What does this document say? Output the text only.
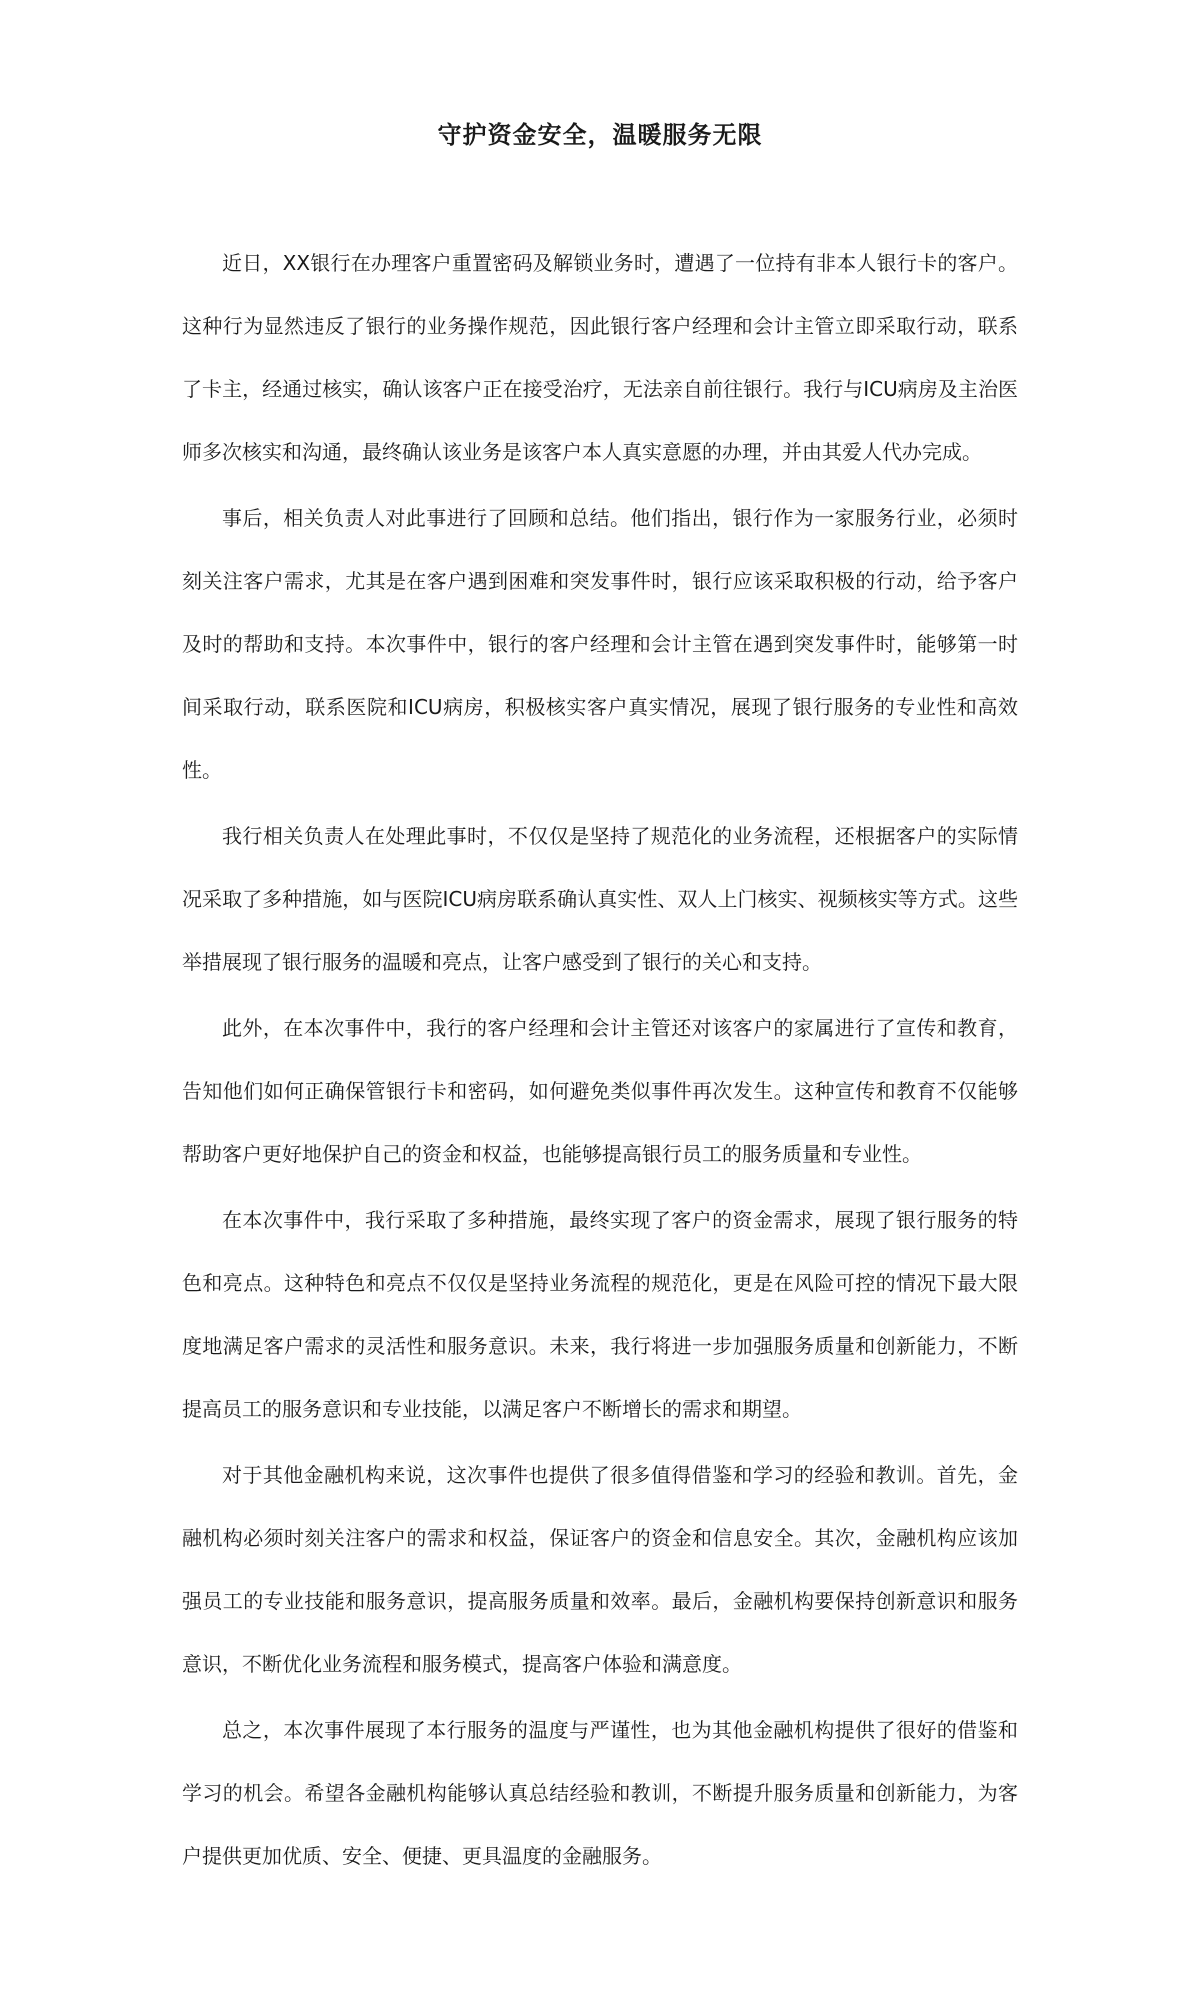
守护资金安全，温暖服务无限

近日，XX银行在办理客户重置密码及解锁业务时，遭遇了一位持有非本人银行卡的客户。这种行为显然违反了银行的业务操作规范，因此银行客户经理和会计主管立即采取行动，联系了卡主，经通过核实，确认该客户正在接受治疗，无法亲自前往银行。我行与ICU病房及主治医师多次核实和沟通，最终确认该业务是该客户本人真实意愿的办理，并由其爱人代办完成。

事后，相关负责人对此事进行了回顾和总结。他们指出，银行作为一家服务行业，必须时刻关注客户需求，尤其是在客户遇到困难和突发事件时，银行应该采取积极的行动，给予客户及时的帮助和支持。本次事件中，银行的客户经理和会计主管在遇到突发事件时，能够第一时间采取行动，联系医院和ICU病房，积极核实客户真实情况，展现了银行服务的专业性和高效性。

我行相关负责人在处理此事时，不仅仅是坚持了规范化的业务流程，还根据客户的实际情况采取了多种措施，如与医院ICU病房联系确认真实性、双人上门核实、视频核实等方式。这些举措展现了银行服务的温暖和亮点，让客户感受到了银行的关心和支持。

此外，在本次事件中，我行的客户经理和会计主管还对该客户的家属进行了宣传和教育，告知他们如何正确保管银行卡和密码，如何避免类似事件再次发生。这种宣传和教育不仅能够帮助客户更好地保护自己的资金和权益，也能够提高银行员工的服务质量和专业性。

在本次事件中，我行采取了多种措施，最终实现了客户的资金需求，展现了银行服务的特色和亮点。这种特色和亮点不仅仅是坚持业务流程的规范化，更是在风险可控的情况下最大限度地满足客户需求的灵活性和服务意识。未来，我行将进一步加强服务质量和创新能力，不断提高员工的服务意识和专业技能，以满足客户不断增长的需求和期望。

对于其他金融机构来说，这次事件也提供了很多值得借鉴和学习的经验和教训。首先，金融机构必须时刻关注客户的需求和权益，保证客户的资金和信息安全。其次，金融机构应该加强员工的专业技能和服务意识，提高服务质量和效率。最后，金融机构要保持创新意识和服务意识，不断优化业务流程和服务模式，提高客户体验和满意度。

总之，本次事件展现了本行服务的温度与严谨性，也为其他金融机构提供了很好的借鉴和学习的机会。希望各金融机构能够认真总结经验和教训，不断提升服务质量和创新能力，为客户提供更加优质、安全、便捷、更具温度的金融服务。
